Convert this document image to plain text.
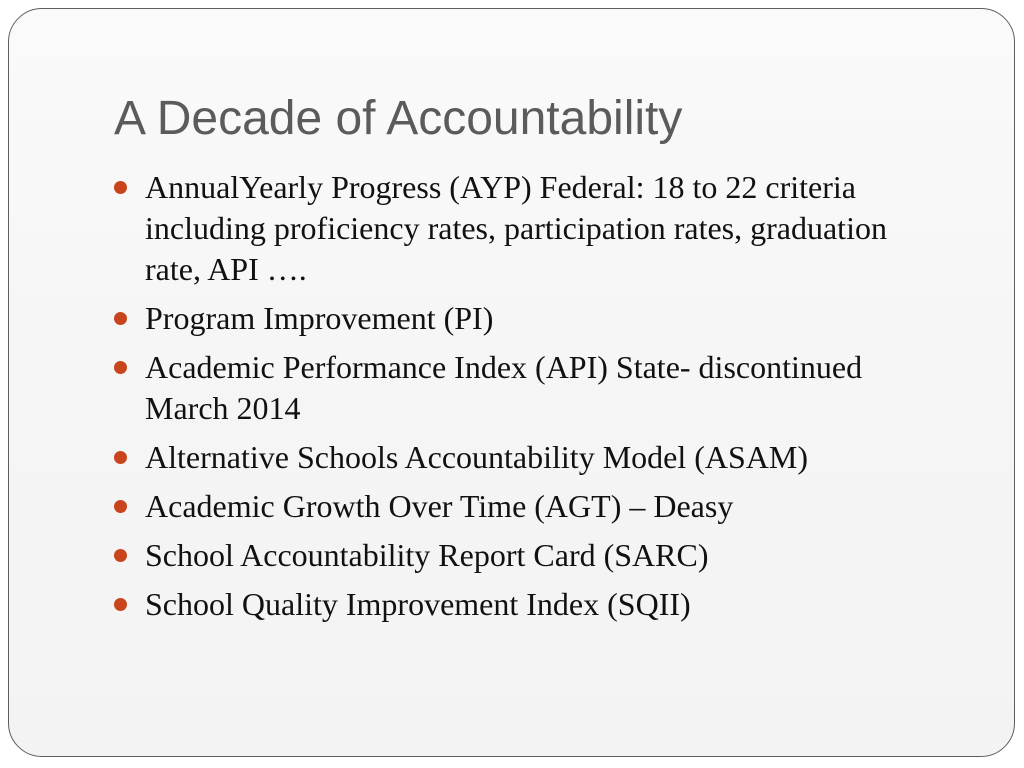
A Decade of Accountability
AnnualYearly Progress (AYP) Federal: 18 to 22 criteria including proficiency rates, participation rates, graduation rate, API ….
Program Improvement (PI)
Academic Performance Index (API) State- discontinued March 2014
Alternative Schools Accountability Model (ASAM)
Academic Growth Over Time (AGT) – Deasy
School Accountability Report Card (SARC)
School Quality Improvement Index (SQII)
